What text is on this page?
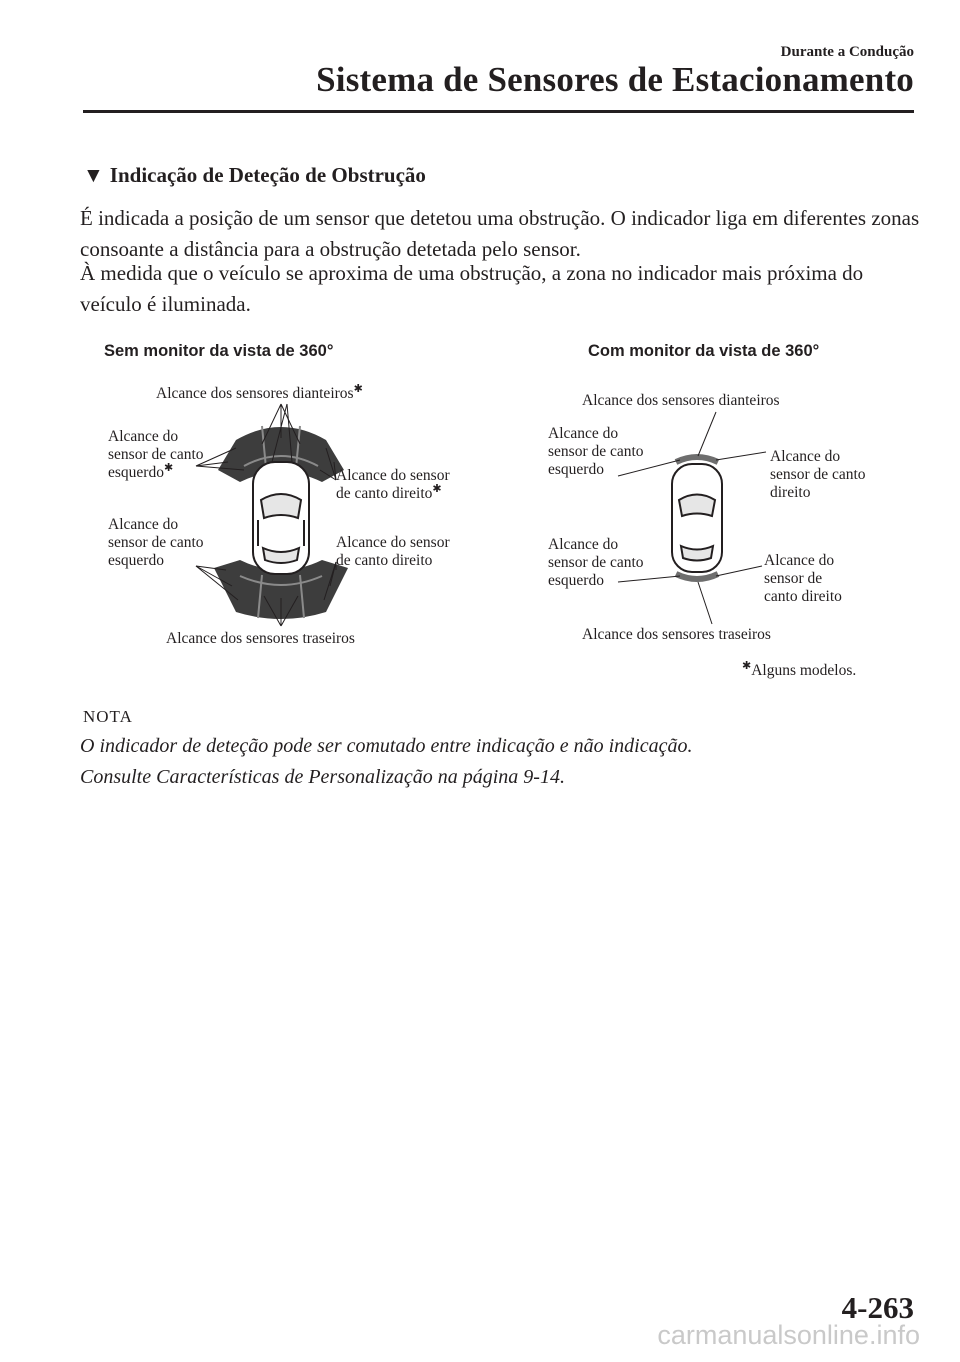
Durante a Condução
Sistema de Sensores de Estacionamento
▼ Indicação de Deteção de Obstrução
É indicada a posição de um sensor que detetou uma obstrução. O indicador liga em diferentes zonas consoante a distância para a obstrução detetada pelo sensor.
À medida que o veículo se aproxima de uma obstrução, a zona no indicador mais próxima do veículo é iluminada.
Sem monitor da vista de 360°
Alcance dos sensores dianteiros✱
Alcance do
sensor de canto
esquerdo✱	Alcance do sensor
de canto direito✱
Alcance do
sensor de canto
esquerdo
Alcance do sensor
de canto direito
Alcance dos sensores traseiros
Com monitor da vista de 360°
Alcance dos sensores dianteiros
Alcance do
sensor de canto
esquerdo
Alcance do
sensor de canto
direito
Alcance do
sensor de canto
esquerdo
Alcance do
sensor de
canto direito
Alcance dos sensores traseiros
✱Alguns modelos.
NOTA
O indicador de deteção pode ser comutado entre indicação e não indicação.
Consulte Características de Personalização na página 9-14.
4-263
carmanualsonline.info
